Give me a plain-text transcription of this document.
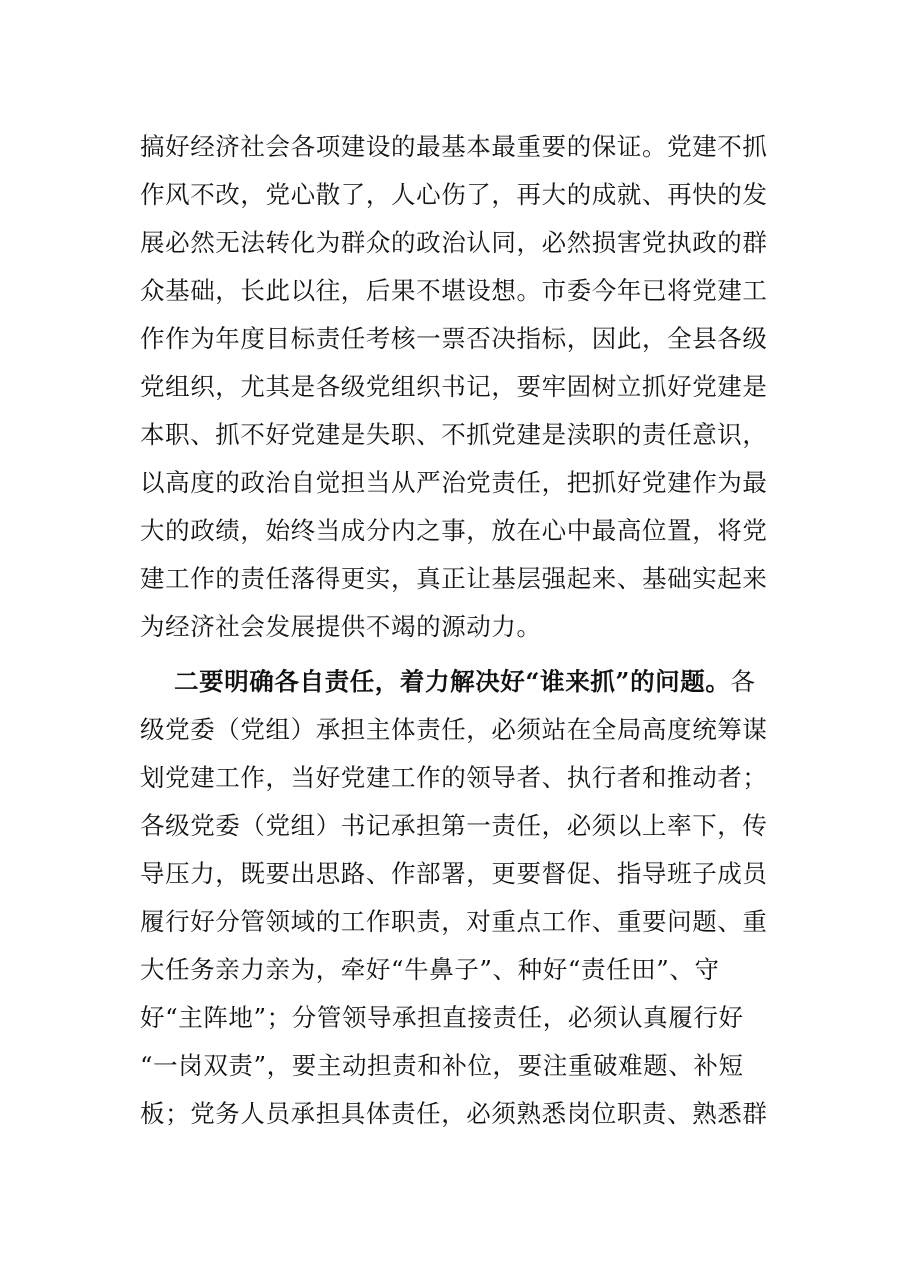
搞好经济社会各项建设的最基本最重要的保证。党建不抓
作风不改，党心散了，人心伤了，再大的成就、再快的发
展必然无法转化为群众的政治认同，必然损害党执政的群
众基础，长此以往，后果不堪设想。市委今年已将党建工
作作为年度目标责任考核一票否决指标，因此，全县各级
党组织，尤其是各级党组织书记，要牢固树立抓好党建是
本职、抓不好党建是失职、不抓党建是渎职的责任意识，
以高度的政治自觉担当从严治党责任，把抓好党建作为最
大的政绩，始终当成分内之事，放在心中最高位置，将党
建工作的责任落得更实，真正让基层强起来、基础实起来
为经济社会发展提供不竭的源动力。
二要明确各自责任，着力解决好“谁来抓”的问题。各
级党委（党组）承担主体责任，必须站在全局高度统筹谋
划党建工作，当好党建工作的领导者、执行者和推动者；
各级党委（党组）书记承担第一责任，必须以上率下，传
导压力，既要出思路、作部署，更要督促、指导班子成员
履行好分管领域的工作职责，对重点工作、重要问题、重
大任务亲力亲为，牵好“牛鼻子”、种好“责任田”、守
好“主阵地”；分管领导承担直接责任，必须认真履行好
“一岗双责”，要主动担责和补位，要注重破难题、补短
板；党务人员承担具体责任，必须熟悉岗位职责、熟悉群
